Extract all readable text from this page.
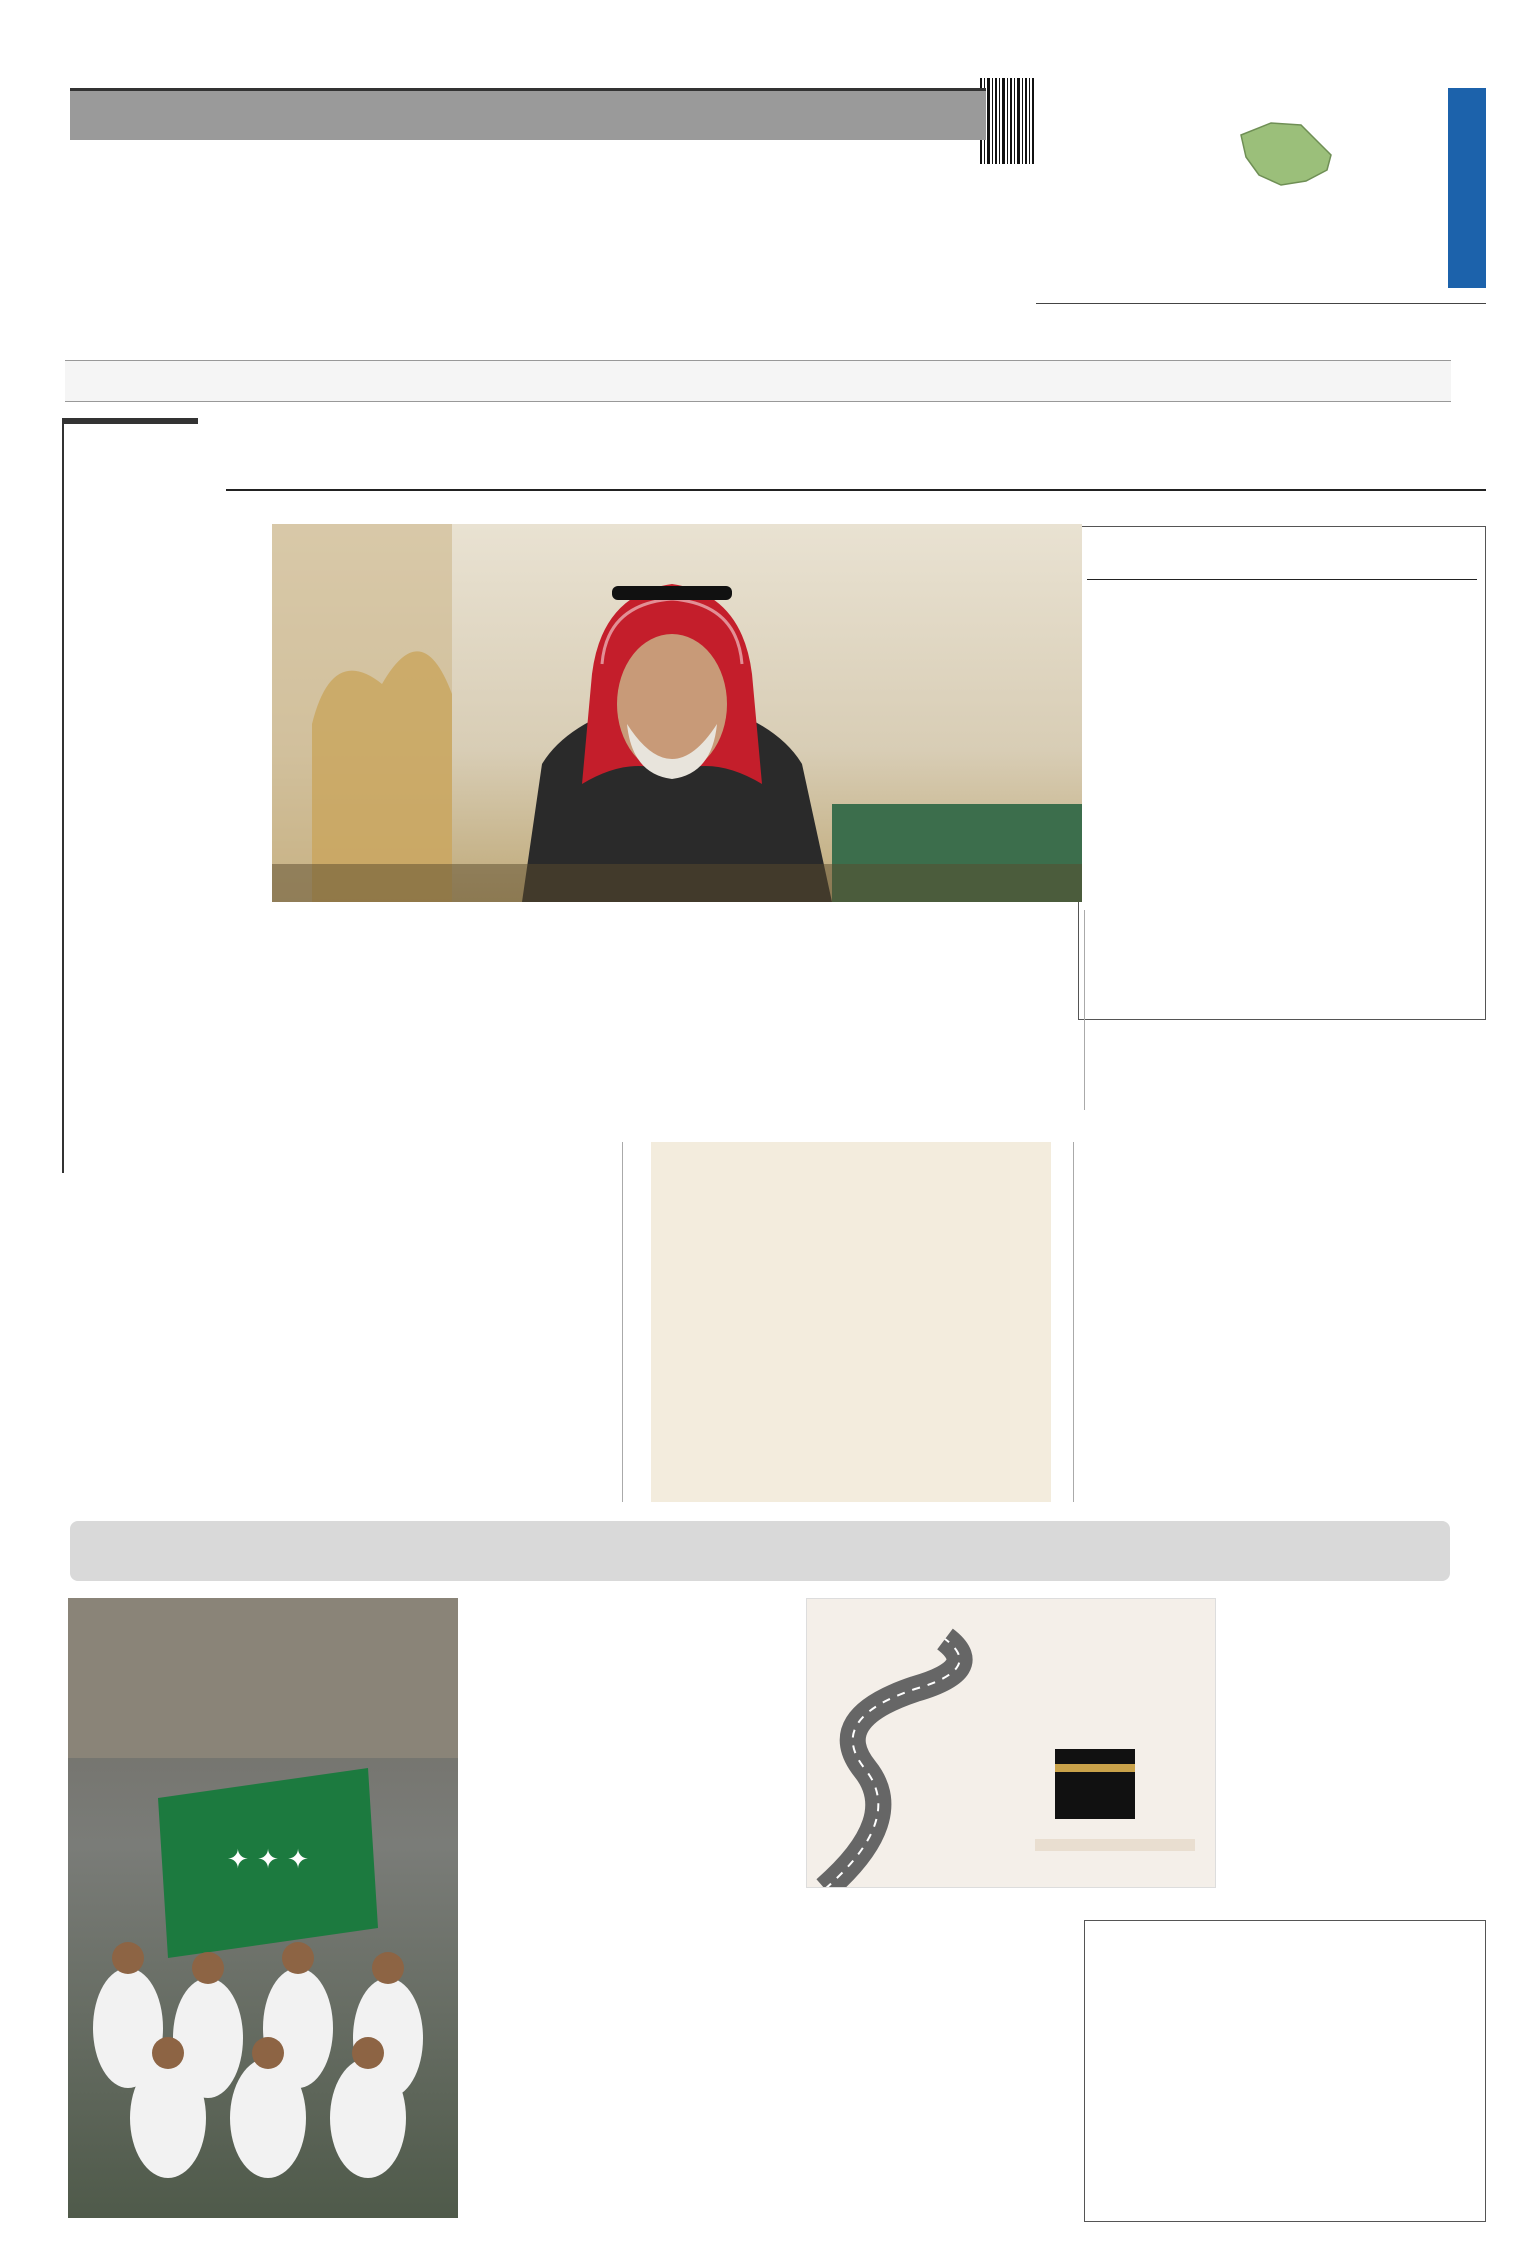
✦ ✦ ✦
